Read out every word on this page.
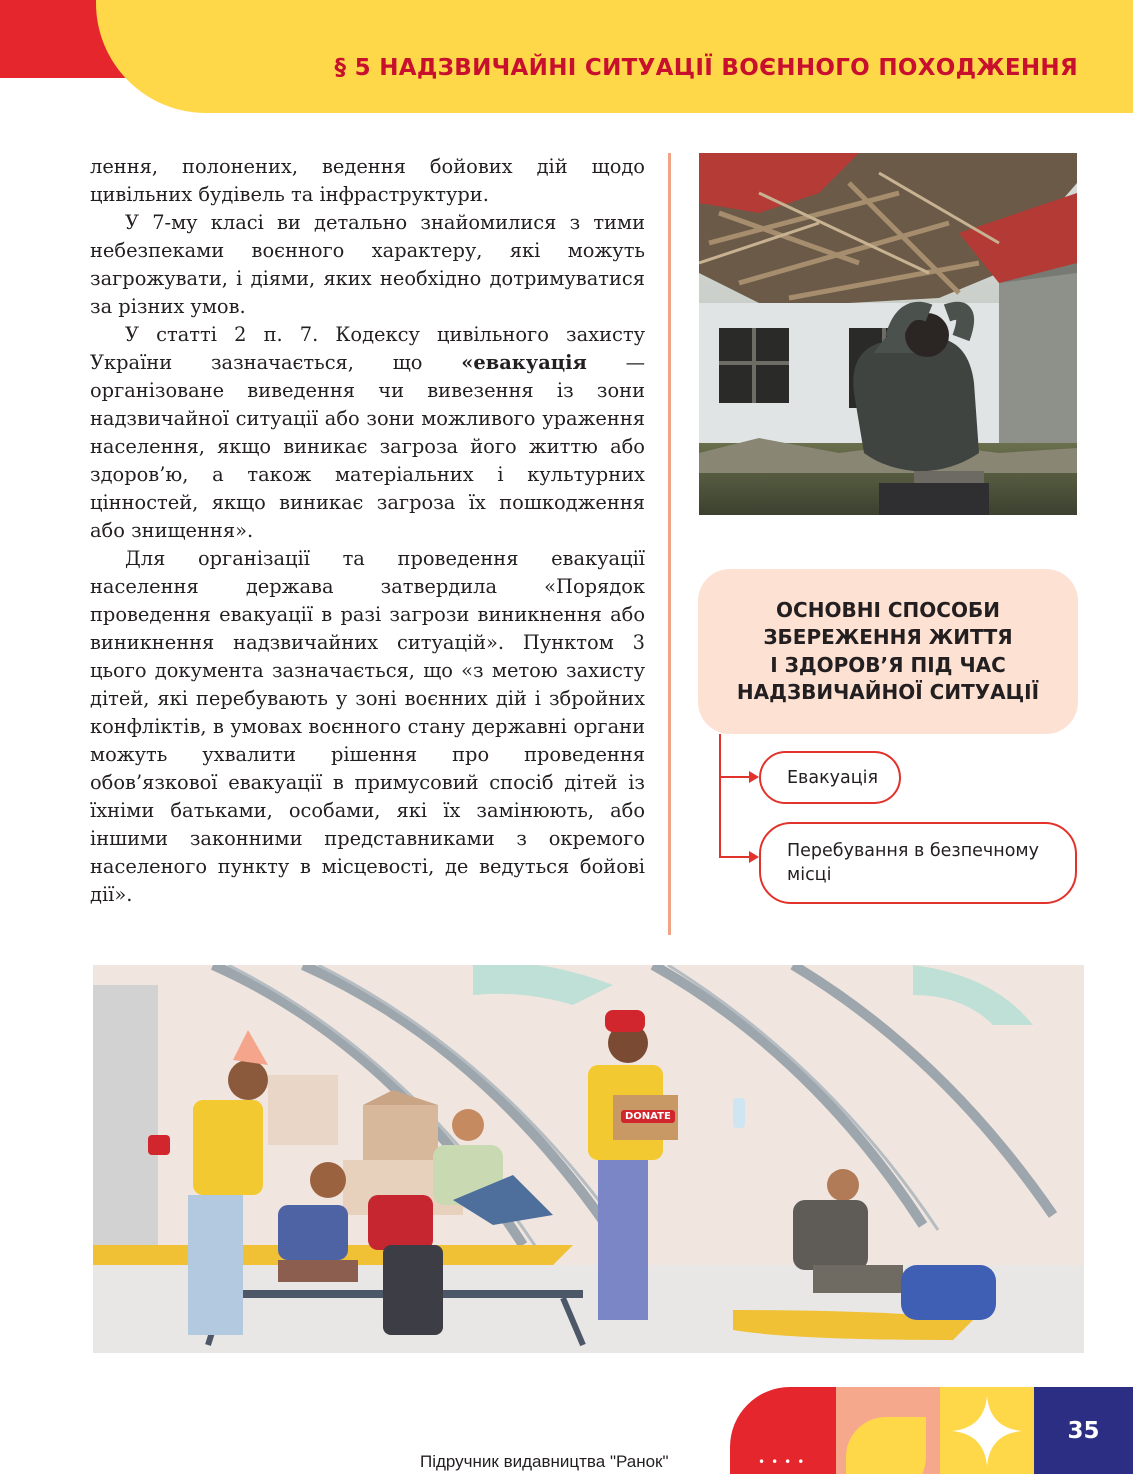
§ 5 НАДЗВИЧАЙНІ СИТУАЦІЇ ВОЄННОГО ПОХОДЖЕННЯ

лення, полонених, ведення бойових дій щодо цивільних будівель та інфраструктури.

У 7-му класі ви детально знайомилися з тими небезпеками воєнного характеру, які можуть загрожувати, і діями, яких необхідно дотримуватися за різних умов.

У статті 2 п. 7. Кодексу цивільного захисту України зазначається, що «евакуація — організоване виведення чи вивезення із зони надзвичайної ситуації або зони можливого ураження населення, якщо виникає загроза його життю або здоров’ю, а також матеріальних і культурних цінностей, якщо виникає загроза їх пошкодження або знищення».

Для організації та проведення евакуації населення держава затвердила «Порядок проведення евакуації в разі загрози виникнення або виникнення надзвичайних ситуацій». Пунктом 3 цього документа зазначається, що «з метою захисту дітей, які перебувають у зоні воєнних дій і збройних конфліктів, в умовах воєнного стану державні органи можуть ухвалити рішення про проведення обов’язкової евакуації в примусовий спосіб дітей із їхніми батьками, особами, які їх замінюють, або іншими законними представниками з окремого населеного пункту в місцевості, де ведуться бойові дії».

ОСНОВНІ СПОСОБИ
ЗБЕРЕЖЕННЯ ЖИТТЯ
І ЗДОРОВ’Я ПІД ЧАС
НАДЗВИЧАЙНОЇ СИТУАЦІЇ
Евакуація
Перебування в безпечному
місці
DONATE
Підручник видавництва "Ранок"	••••
35
